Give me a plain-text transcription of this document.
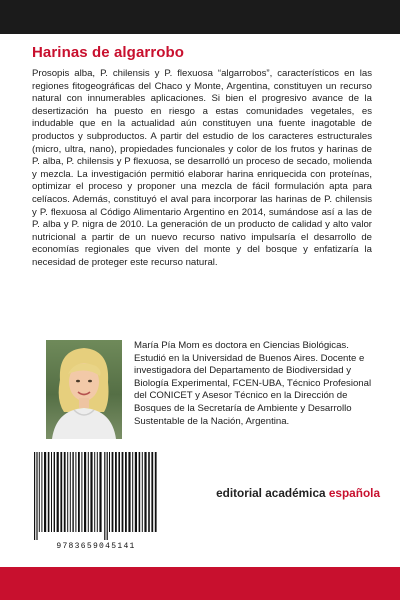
Harinas de algarrobo
Prosopis alba, P. chilensis y P. flexuosa “algarrobos”, característicos en las regiones fitogeográficas del Chaco y Monte, Argentina, constituyen un recurso natural con innumerables aplicaciones. Si bien el progresivo avance de la desertización ha puesto en riesgo a estas comunidades vegetales, es indudable que en la actualidad aún constituyen una fuente inagotable de productos y subproductos. A partir del estudio de los caracteres estructurales (micro, ultra, nano), propiedades funcionales y color de los frutos y harinas de P. alba, P. chilensis y P flexuosa, se desarrolló un proceso de secado, molienda y mezcla. La investigación permitió elaborar harina enriquecida con proteínas, optimizar el proceso y proponer una mezcla de fácil formulación apta para celíacos. Además, constituyó el aval para incorporar las harinas de P. chilensis y P. flexuosa al Código Alimentario Argentino en 2014, sumándose así a las de P. alba y P. nigra de 2010. La generación de un producto de calidad y alto valor nutricional a partir de un nuevo recurso nativo impulsaría el desarrollo de economías regionales que viven del monte y del bosque y enfatizaría la necesidad de proteger este recurso natural.
María Pía Mom es doctora en Ciencias Biológicas. Estudió en la Universidad de Buenos Aires. Docente e investigadora del Departamento de Biodiversidad y Biología Experimental, FCEN-UBA, Técnico Profesional del CONICET y Asesor Técnico en la Dirección de Bosques de la Secretaría de Ambiente y Desarrollo Sustentable de la Nación, Argentina.
9783659045141
editorial académica española
